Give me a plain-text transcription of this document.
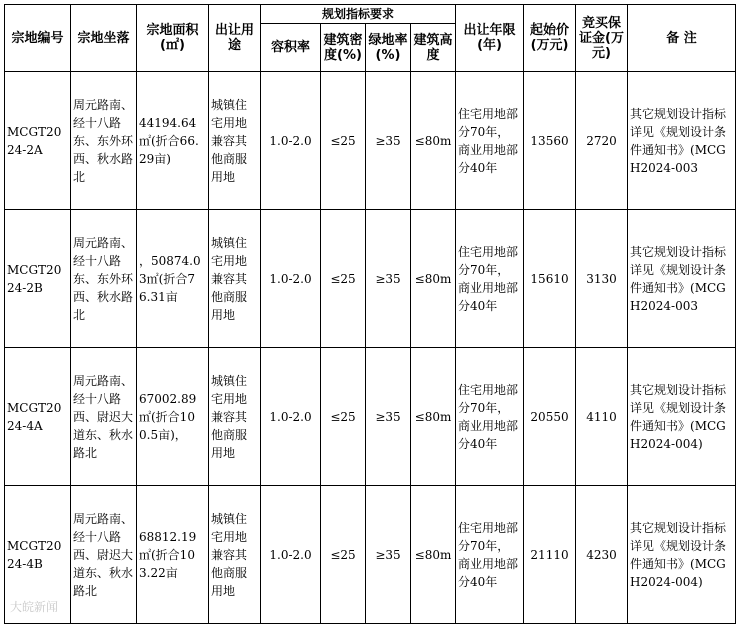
宗地编号	宗地坐落	宗地面积(㎡)	出让用途	规划指标要求				出让年限(年)	起始价(万元)	竞买保证金(万元)	备 注
				容积率	建筑密度(%)	绿地率(%)	建筑高度				
MCGT2024-2A	周元路南、经十八路东、东外环西、秋水路北	44194.64㎡(折合66.29亩)	城镇住宅用地兼容其他商服用地	1.0-2.0	≤25	≥35	≤80m	住宅用地部分70年，商业用地部分40年	13560	2720	其它规划设计指标详见《规划设计条件通知书》(MCGH2024-003
MCGT2024-2B	周元路南、经十八路东、东外环西、秋水路北	，50874.03㎡(折合76.31亩	城镇住宅用地兼容其他商服用地	1.0-2.0	≤25	≥35	≤80m	住宅用地部分70年，商业用地部分40年	15610	3130	其它规划设计指标详见《规划设计条件通知书》(MCGH2024-003
MCGT2024-4A	周元路南、经十八路西、尉迟大道东、秋水路北	67002.89㎡(折合100.5亩)，	城镇住宅用地兼容其他商服用地	1.0-2.0	≤25	≥35	≤80m	住宅用地部分70年，商业用地部分40年	20550	4110	其它规划设计指标详见《规划设计条件通知书》(MCGH2024-004)
MCGT2024-4B	周元路南、经十八路西、尉迟大道东、秋水路北	68812.19㎡(折合103.22亩	城镇住宅用地兼容其他商服用地	1.0-2.0	≤25	≥35	≤80m	住宅用地部分70年，商业用地部分40年	21110	4230	其它规划设计指标详见《规划设计条件通知书》(MCGH2024-004)
大皖新闻
